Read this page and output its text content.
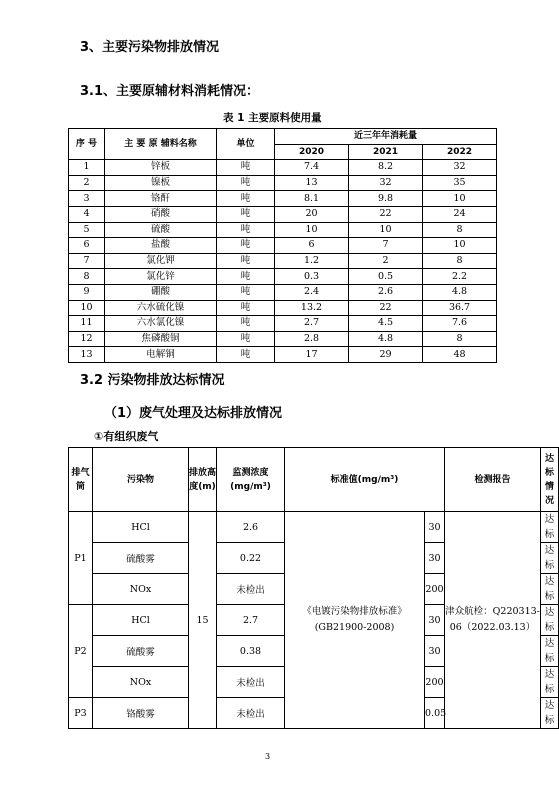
3、主要污染物排放情况
3.1、主要原辅材料消耗情况：
表 1 主要原料使用量
序 号	主 要 原 辅料名称	单位	近三年年消耗量		
			2020	2021	2022
1	锌板	吨	7.4	8.2	32
2	镍板	吨	13	32	35
3	铬酐	吨	8.1	9.8	10
4	硝酸	吨	20	22	24
5	硫酸	吨	10	10	8
6	盐酸	吨	6	7	10
7	氯化钾	吨	1.2	2	8
8	氯化锌	吨	0.3	0.5	2.2
9	硼酸	吨	2.4	2.6	4.8
10	六水硫化镍	吨	13.2	22	36.7
11	六水氯化镍	吨	2.7	4.5	7.6
12	焦磷酸铜	吨	2.8	4.8	8
13	电解铜	吨	17	29	48
3.2 污染物排放达标情况
（1）废气处理及达标排放情况
①有组织废气
排气筒	污染物	排放高度(m)	监测浓度(mg/m³)	标准值(mg/m³)		检测报告	达标情况
P1	HCl	15	2.6	《电镀污染物排放标准》(GB21900-2008)	30	津众航检：Q220313-06（2022.03.13）	达标
	硫酸雾		0.22		30		达标
	NOx		未检出		200		达标
P2	HCl		2.7		30		达标
	硫酸雾		0.38		30		达标
	NOx		未检出		200		达标
P3	铬酸雾		未检出		0.05		达标
3
